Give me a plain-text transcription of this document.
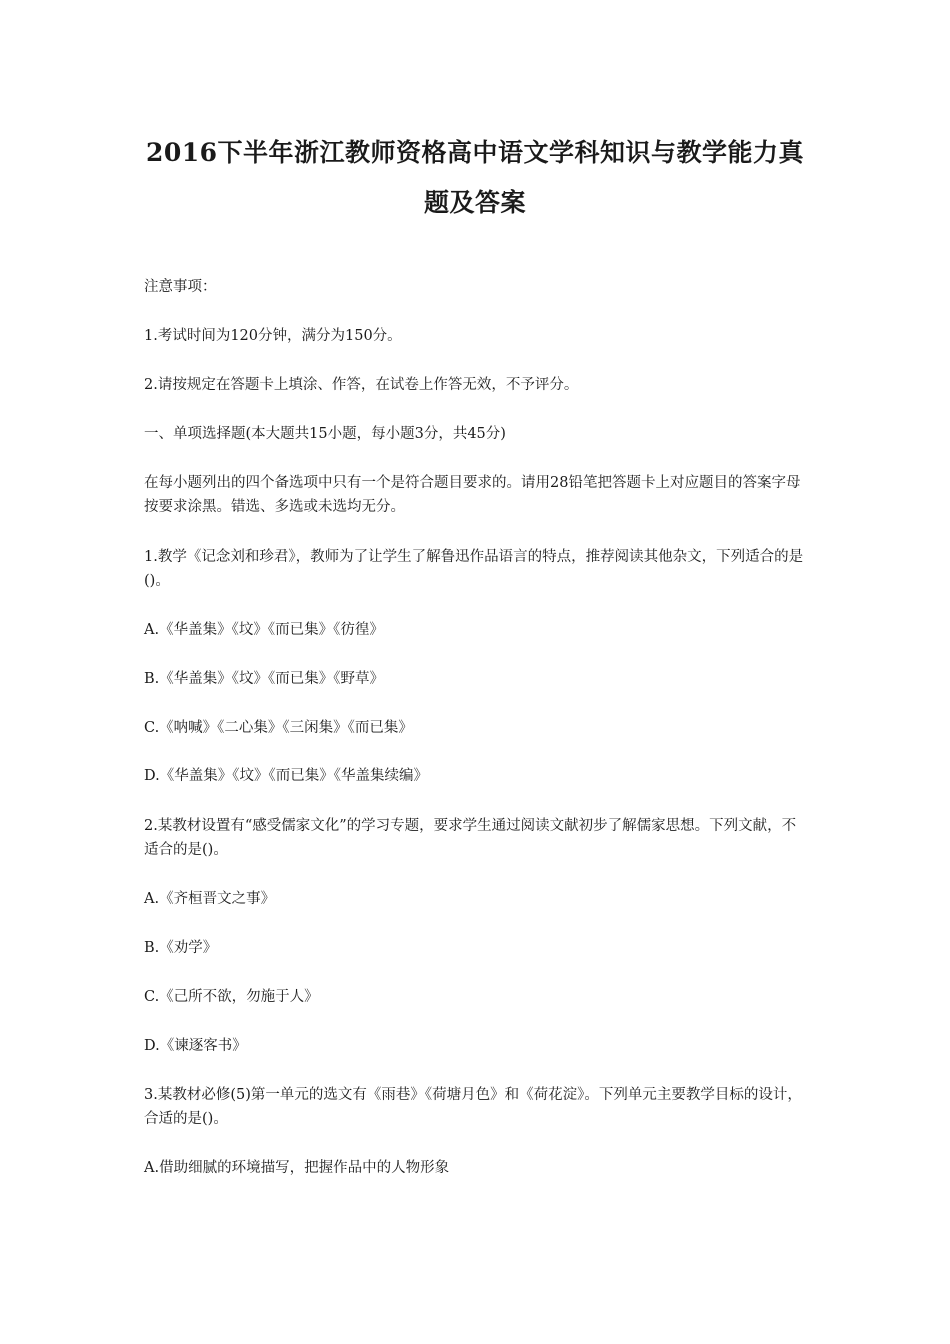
2016下半年浙江教师资格高中语文学科知识与教学能力真
题及答案

注意事项：

1.考试时间为120分钟，满分为150分。

2.请按规定在答题卡上填涂、作答，在试卷上作答无效，不予评分。

一、单项选择题(本大题共15小题，每小题3分，共45分)

在每小题列出的四个备选项中只有一个是符合题目要求的。请用28铅笔把答题卡上对应题目的答案字母按要求涂黑。错选、多选或未选均无分。

1.教学《记念刘和珍君》，教师为了让学生了解鲁迅作品语言的特点，推荐阅读其他杂文，下列适合的是()。

A.《华盖集》《坟》《而已集》《彷徨》

B.《华盖集》《坟》《而已集》《野草》

C.《呐喊》《二心集》《三闲集》《而已集》

D.《华盖集》《坟》《而已集》《华盖集续编》

2.某教材设置有“感受儒家文化”的学习专题，要求学生通过阅读文献初步了解儒家思想。下列文献，不适合的是()。

A.《齐桓晋文之事》

B.《劝学》

C.《己所不欲，勿施于人》

D.《谏逐客书》

3.某教材必修(5)第一单元的选文有《雨巷》《荷塘月色》和《荷花淀》。下列单元主要教学目标的设计，合适的是()。

A.借助细腻的环境描写，把握作品中的人物形象
